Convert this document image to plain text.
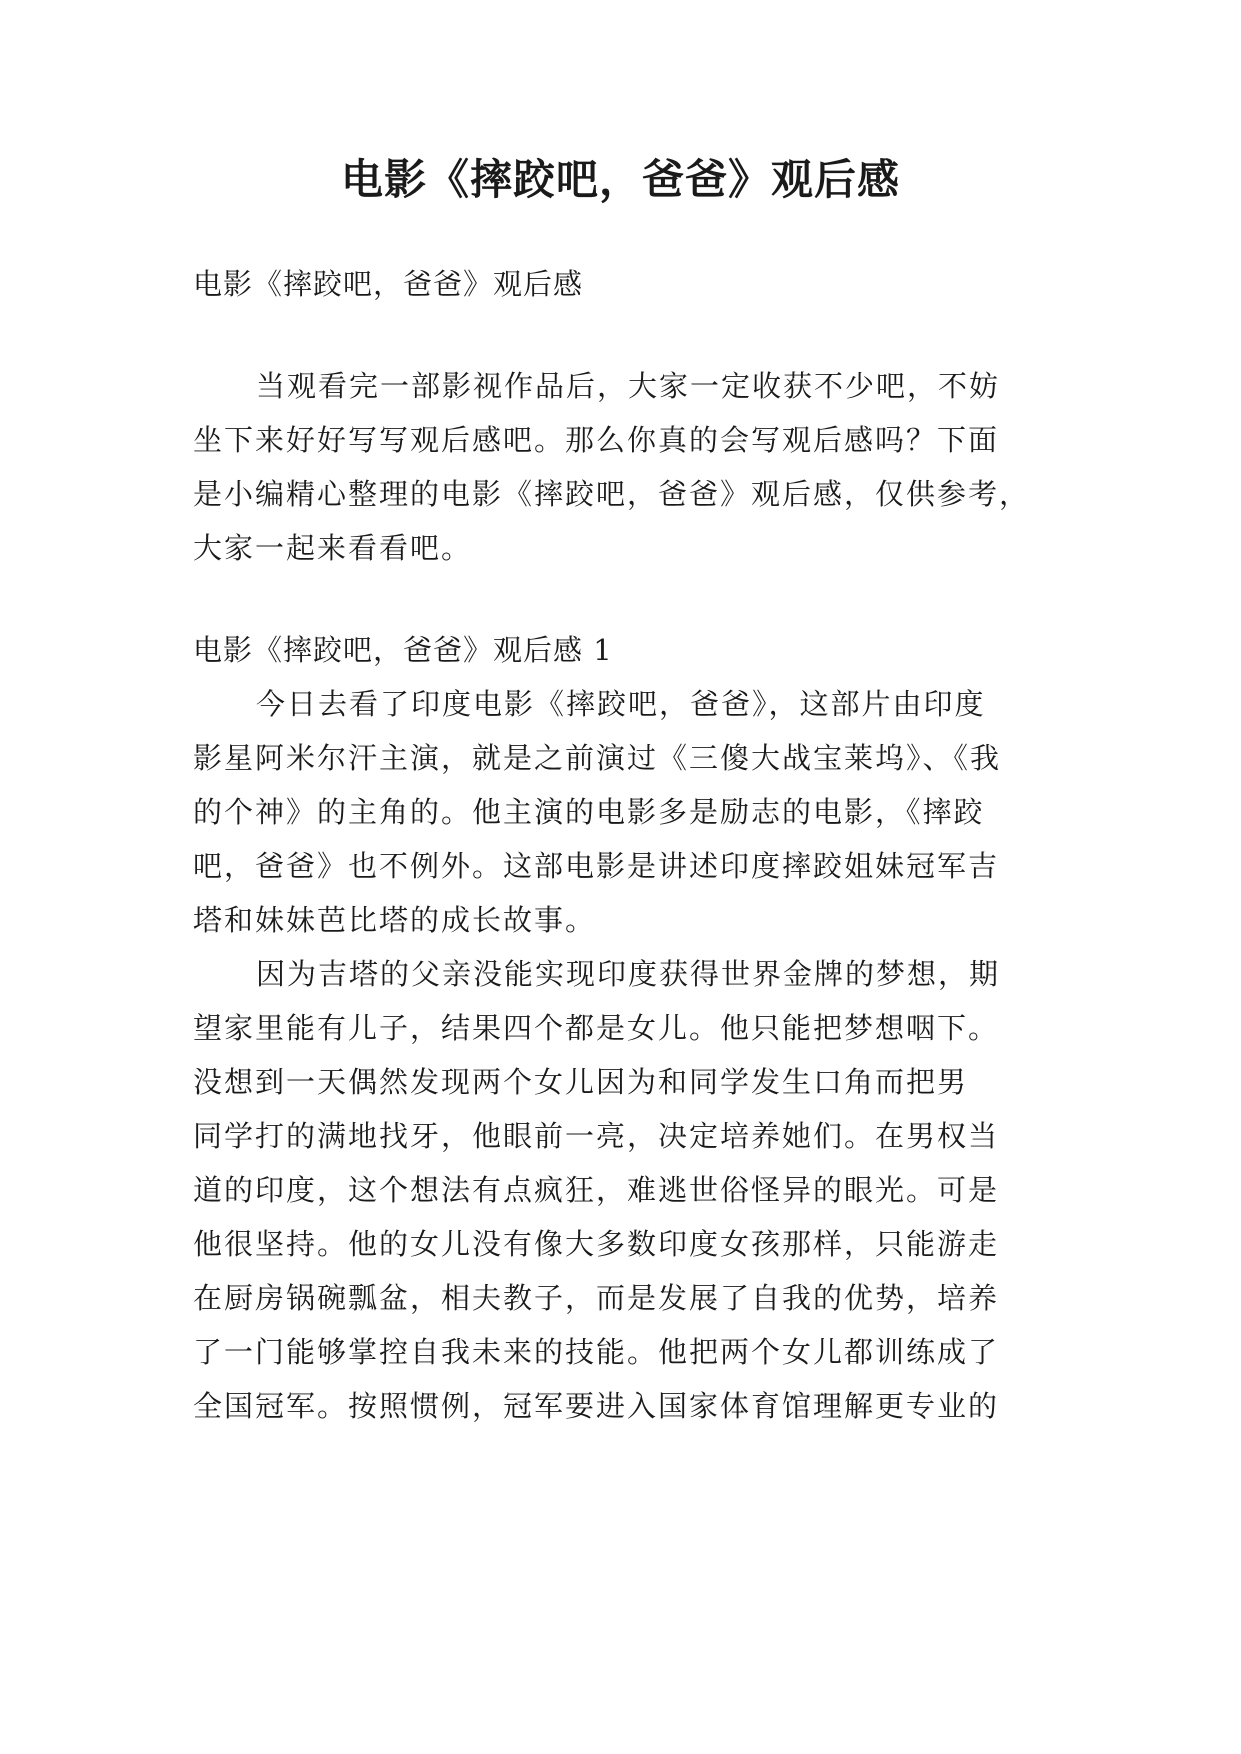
电影《摔跤吧，爸爸》观后感

电影《摔跤吧，爸爸》观后感

当观看完一部影视作品后，大家一定收获不少吧，不妨

坐下来好好写写观后感吧。那么你真的会写观后感吗？下面

是小编精心整理的电影《摔跤吧，爸爸》观后感，仅供参考，

大家一起来看看吧。

电影《摔跤吧，爸爸》观后感 1

今日去看了印度电影《摔跤吧，爸爸》，这部片由印度

影星阿米尔汗主演，就是之前演过《三傻大战宝莱坞》、《我

的个神》的主角的。他主演的电影多是励志的电影，《摔跤

吧，爸爸》也不例外。这部电影是讲述印度摔跤姐妹冠军吉

塔和妹妹芭比塔的成长故事。

因为吉塔的父亲没能实现印度获得世界金牌的梦想，期

望家里能有儿子，结果四个都是女儿。他只能把梦想咽下。

没想到一天偶然发现两个女儿因为和同学发生口角而把男

同学打的满地找牙，他眼前一亮，决定培养她们。在男权当

道的印度，这个想法有点疯狂，难逃世俗怪异的眼光。可是

他很坚持。他的女儿没有像大多数印度女孩那样，只能游走

在厨房锅碗瓢盆，相夫教子，而是发展了自我的优势，培养

了一门能够掌控自我未来的技能。他把两个女儿都训练成了

全国冠军。按照惯例，冠军要进入国家体育馆理解更专业的
